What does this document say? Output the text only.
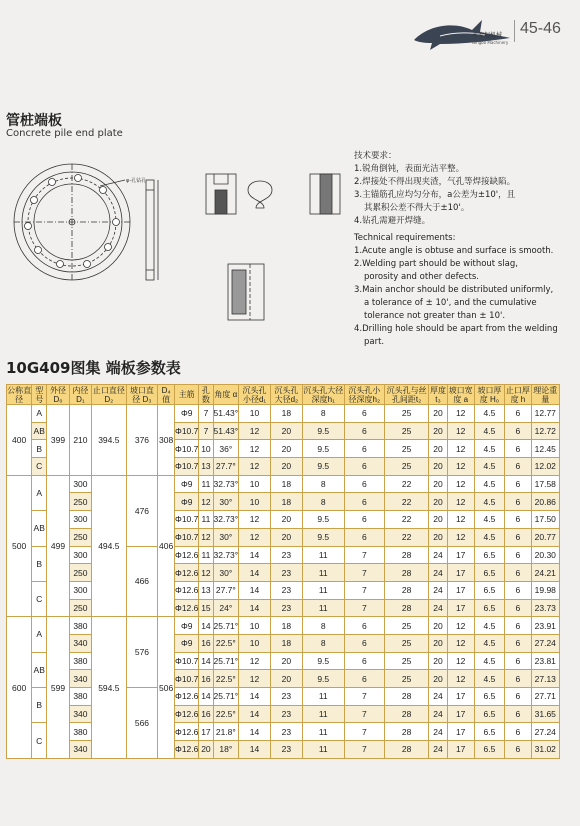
永安起机械
Ningbo Machinery
45-46
管桩端板
Concrete pile end plate
φ-孔钻孔
技术要求：
1.锐角倒钝，表面光洁平整。
2.焊接处不得出现夹渣，气孔等焊接缺陷。
3.主锚筋孔应均匀分布，a公差为±10'，且
其累积公差不得大于±10'。
4.钻孔需避开焊缝。
Technical requirements:
1.Acute angle is obtuse and surface is smooth.
2.Welding part should be without slag,
porosity and other defects.
3.Main anchor should be distributed uniformly,
a tolerance of ± 10', and the cumulative
tolerance not greater than ± 10'.
4.Drilling hole should be apart from the welding
part.
10G409图集 端板参数表
公称直径	型号	外径 D₀	内径 D₁	止口直径 D₂	坡口直径 D₃	D₄值	主筋	孔数	角度 α	沉头孔小径d₁	沉头孔大径d₂	沉头孔大径深度h₁	沉头孔小径深度h₂	沉头孔与丝孔间距t₂	厚度 t₃	坡口宽度 a	坡口厚度 H₀	止口厚度 h	理论重量
400	A	399	210	394.5	376	308	Φ9	7	51.43°	10	18	8	6	25	20	12	4.5	6	12.77
	AB						Φ10.7	7	51.43°	12	20	9.5	6	25	20	12	4.5	6	12.72
	B						Φ10.7	10	36°	12	20	9.5	6	25	20	12	4.5	6	12.45
	C						Φ10.7	13	27.7°	12	20	9.5	6	25	20	12	4.5	6	12.02
500	A	499	300	494.5	476	406	Φ9	11	32.73°	10	18	8	6	22	20	12	4.5	6	17.58
			250				Φ9	12	30°	10	18	8	6	22	20	12	4.5	6	20.86
	AB		300				Φ10.7	11	32.73°	12	20	9.5	6	22	20	12	4.5	6	17.50
			250				Φ10.7	12	30°	12	20	9.5	6	22	20	12	4.5	6	20.77
	B		300		466		Φ12.6	11	32.73°	14	23	11	7	28	24	17	6.5	6	20.30
			250				Φ12.6	12	30°	14	23	11	7	28	24	17	6.5	6	24.21
	C		300				Φ12.6	13	27.7°	14	23	11	7	28	24	17	6.5	6	19.98
			250				Φ12.6	15	24°	14	23	11	7	28	24	17	6.5	6	23.73
600	A	599	380	594.5	576	506	Φ9	14	25.71°	10	18	8	6	25	20	12	4.5	6	23.91
			340				Φ9	16	22.5°	10	18	8	6	25	20	12	4.5	6	27.24
	AB		380				Φ10.7	14	25.71°	12	20	9.5	6	25	20	12	4.5	6	23.81
			340				Φ10.7	16	22.5°	12	20	9.5	6	25	20	12	4.5	6	27.13
	B		380		566		Φ12.6	14	25.71°	14	23	11	7	28	24	17	6.5	6	27.71
			340				Φ12.6	16	22.5°	14	23	11	7	28	24	17	6.5	6	31.65
	C		380				Φ12.6	17	21.8°	14	23	11	7	28	24	17	6.5	6	27.24
			340				Φ12.6	20	18°	14	23	11	7	28	24	17	6.5	6	31.02
